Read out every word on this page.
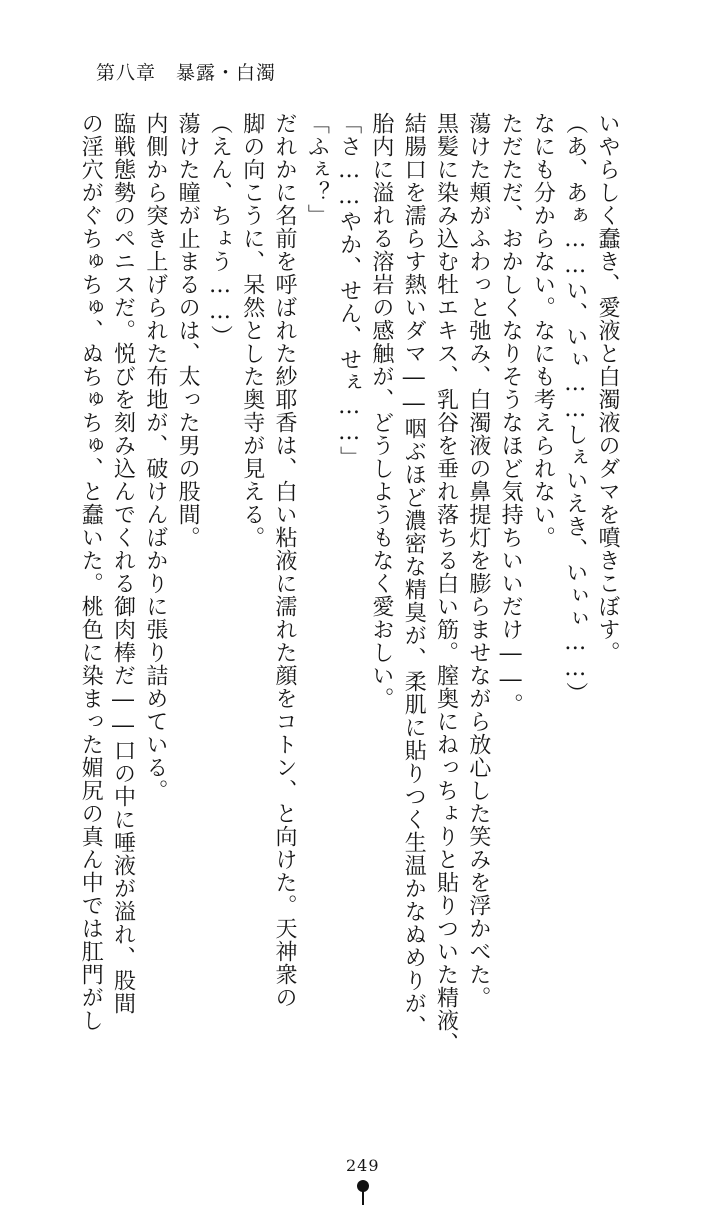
第八章　暴露・白濁

いやらしく蠢き、愛液と白濁液のダマを噴きこぼす。

（あ、あぁ……い、いぃ……しぇいえき、いぃぃ……）

なにも分からない。なにも考えられない。

ただただ、おかしくなりそうなほど気持ちいいだけ――。

蕩けた頬がふわっと弛み、白濁液の鼻提灯を膨らませながら放心した笑みを浮かべた。

黒髪に染み込む牡エキス、乳谷を垂れ落ちる白い筋。膣奥にねっちょりと貼りついた精液、

結腸口を濡らす熱いダマ――咽ぶほど濃密な精臭が、柔肌に貼りつく生温かなぬめりが、

胎内に溢れる溶岩の感触が、どうしようもなく愛おしい。

「さ……やか、せん、せぇ……」

「ふぇ？」

だれかに名前を呼ばれた紗耶香は、白い粘液に濡れた顔をコトン、と向けた。天神衆の

脚の向こうに、呆然とした奥寺が見える。

（えん、ちょう……）

蕩けた瞳が止まるのは、太った男の股間。

内側から突き上げられた布地が、破けんばかりに張り詰めている。

臨戦態勢のペニスだ。悦びを刻み込んでくれる御肉棒だ――口の中に唾液が溢れ、股間

の淫穴がぐちゅちゅ、ぬちゅちゅ、と蠢いた。桃色に染まった媚尻の真ん中では肛門がし

249
